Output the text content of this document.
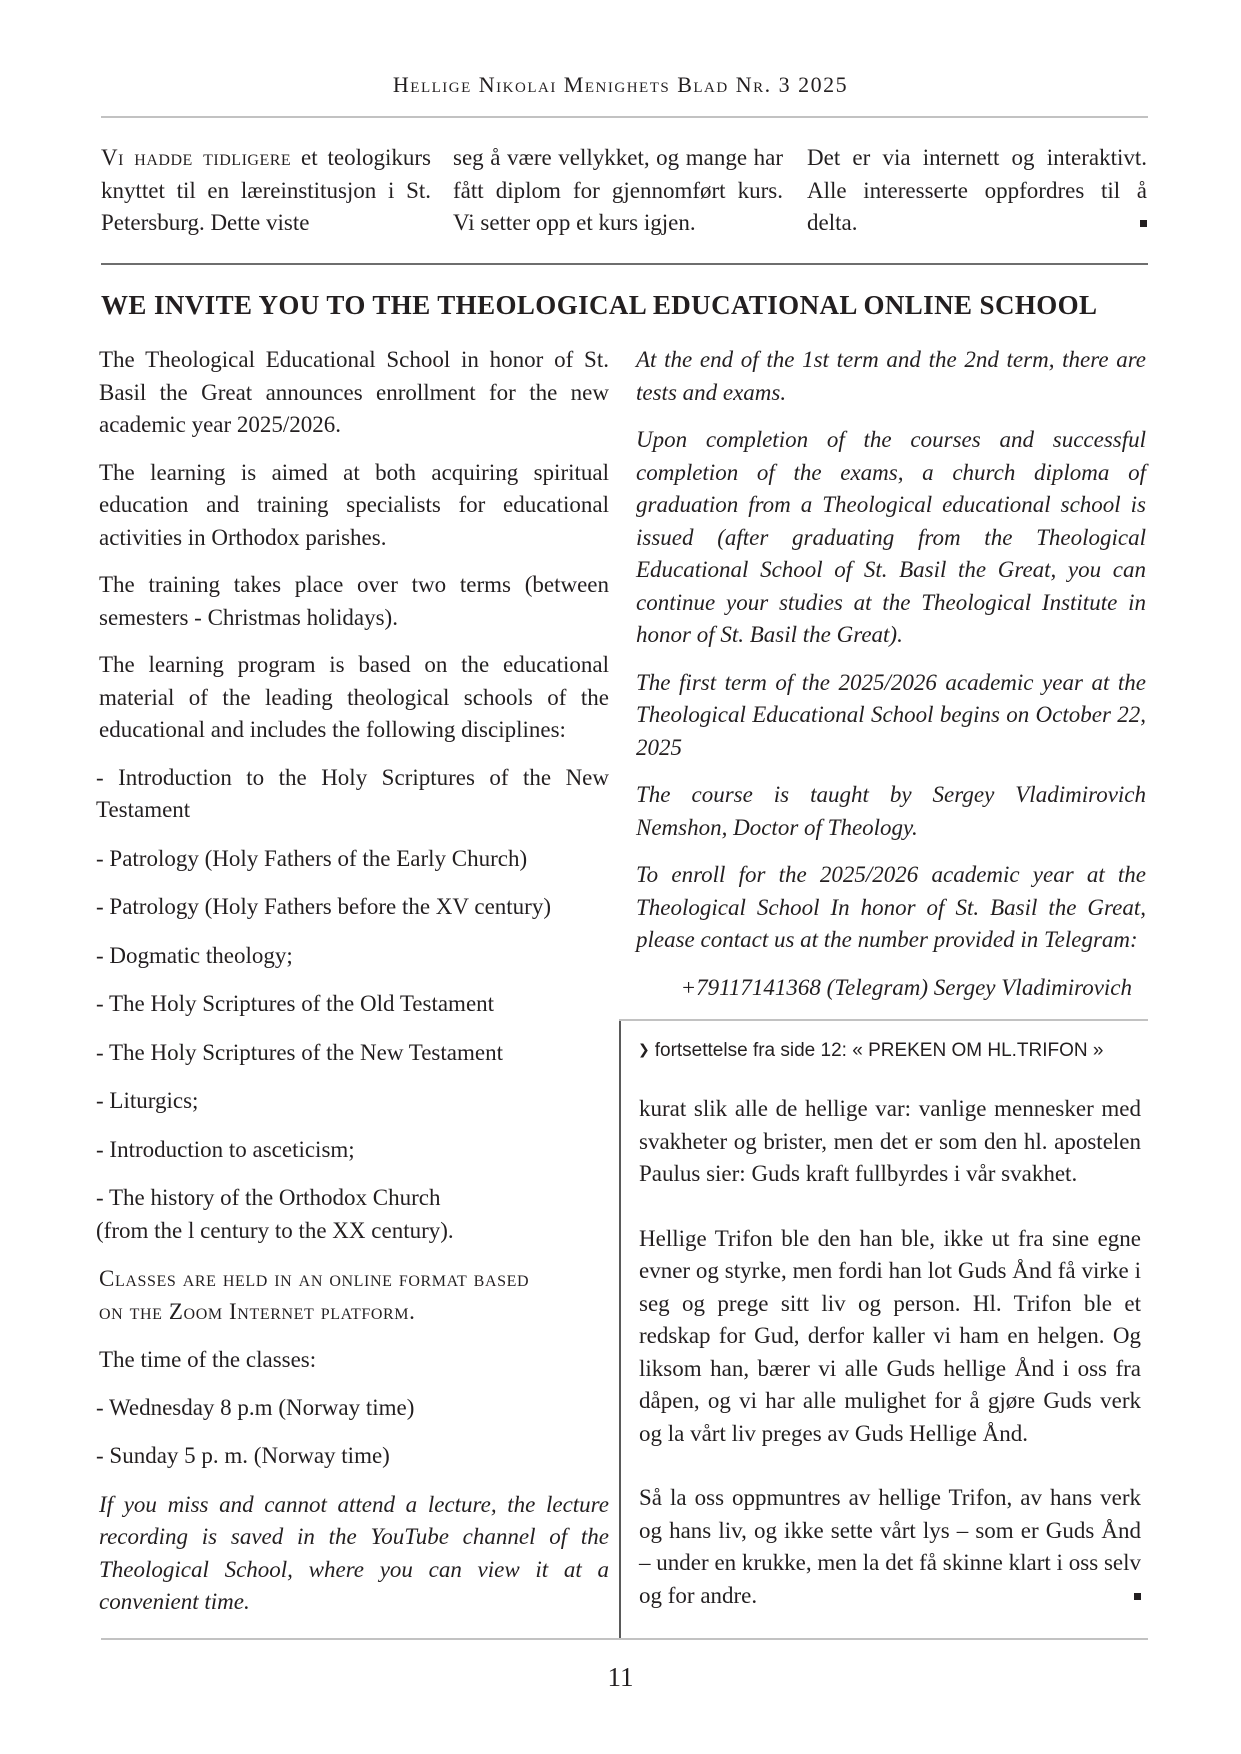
Hellige Nikolai Menighets Blad Nr. 3 2025

Vi hadde tidligere et teologikurs knyttet til en læreinstitusjon i St. Petersburg. Dette viste

seg å være vellykket, og mange har fått diplom for gjennomført kurs. Vi setter opp et kurs igjen.

Det er via internett og interaktivt. Alle interesserte oppfordres til å delta.

WE INVITE YOU TO THE THEOLOGICAL EDUCATIONAL ONLINE SCHOOL

The Theological Educational School in honor of St. Basil the Great announces enrollment for the new academic year 2025/2026.

The learning is aimed at both acquiring spiritual education and training specialists for educational activities in Orthodox parishes.

The training takes place over two terms (between semesters - Christmas holidays).

The learning program is based on the educational material of the leading theological schools of the educational and includes the following disciplines:

- Introduction to the Holy Scriptures of the New Testament

- Patrology (Holy Fathers of the Early Church)

- Patrology (Holy Fathers before the XV century)

- Dogmatic theology;

- The Holy Scriptures of the Old Testament

- The Holy Scriptures of the New Testament

- Liturgics;

- Introduction to asceticism;

- The history of the Orthodox Church (from the l century to the XX century).

Classes are held in an online format based on the Zoom Internet platform.

The time of the classes:

- Wednesday 8 p.m (Norway time)

- Sunday 5 p. m. (Norway time)

If you miss and cannot attend a lecture, the lecture recording is saved in the YouTube channel of the Theological School, where you can view it at a convenient time.

At the end of the 1st term and the 2nd term, there are tests and exams.

Upon completion of the courses and successful completion of the exams, a church diploma of graduation from a Theological educational school is issued (after graduating from the Theological Educational School of St. Basil the Great, you can continue your studies at the Theological Institute in honor of St. Basil the Great).

The first term of the 2025/2026 academic year at the Theological Educational School begins on October 22, 2025

The course is taught by Sergey Vladimirovich Nemshon, Doctor of Theology.

To enroll for the 2025/2026 academic year at the Theological School In honor of St. Basil the Great, please contact us at the number provided in Telegram:

+79117141368 (Telegram) Sergey Vladimirovich

❯ fortsettelse fra side 12: « PREKEN OM HL.TRIFON »

kurat slik alle de hellige var: vanlige mennesker med svakheter og brister, men det er som den hl. apostelen Paulus sier: Guds kraft fullbyrdes i vår svakhet.

Hellige Trifon ble den han ble, ikke ut fra sine egne evner og styrke, men fordi han lot Guds Ånd få virke i seg og prege sitt liv og person. Hl. Trifon ble et redskap for Gud, derfor kaller vi ham en helgen. Og liksom han, bærer vi alle Guds hellige Ånd i oss fra dåpen, og vi har alle mulighet for å gjøre Guds verk og la vårt liv preges av Guds Hellige Ånd.

Så la oss oppmuntres av hellige Trifon, av hans verk og hans liv, og ikke sette vårt lys – som er Guds Ånd – under en krukke, men la det få skinne klart i oss selv og for andre.

11
